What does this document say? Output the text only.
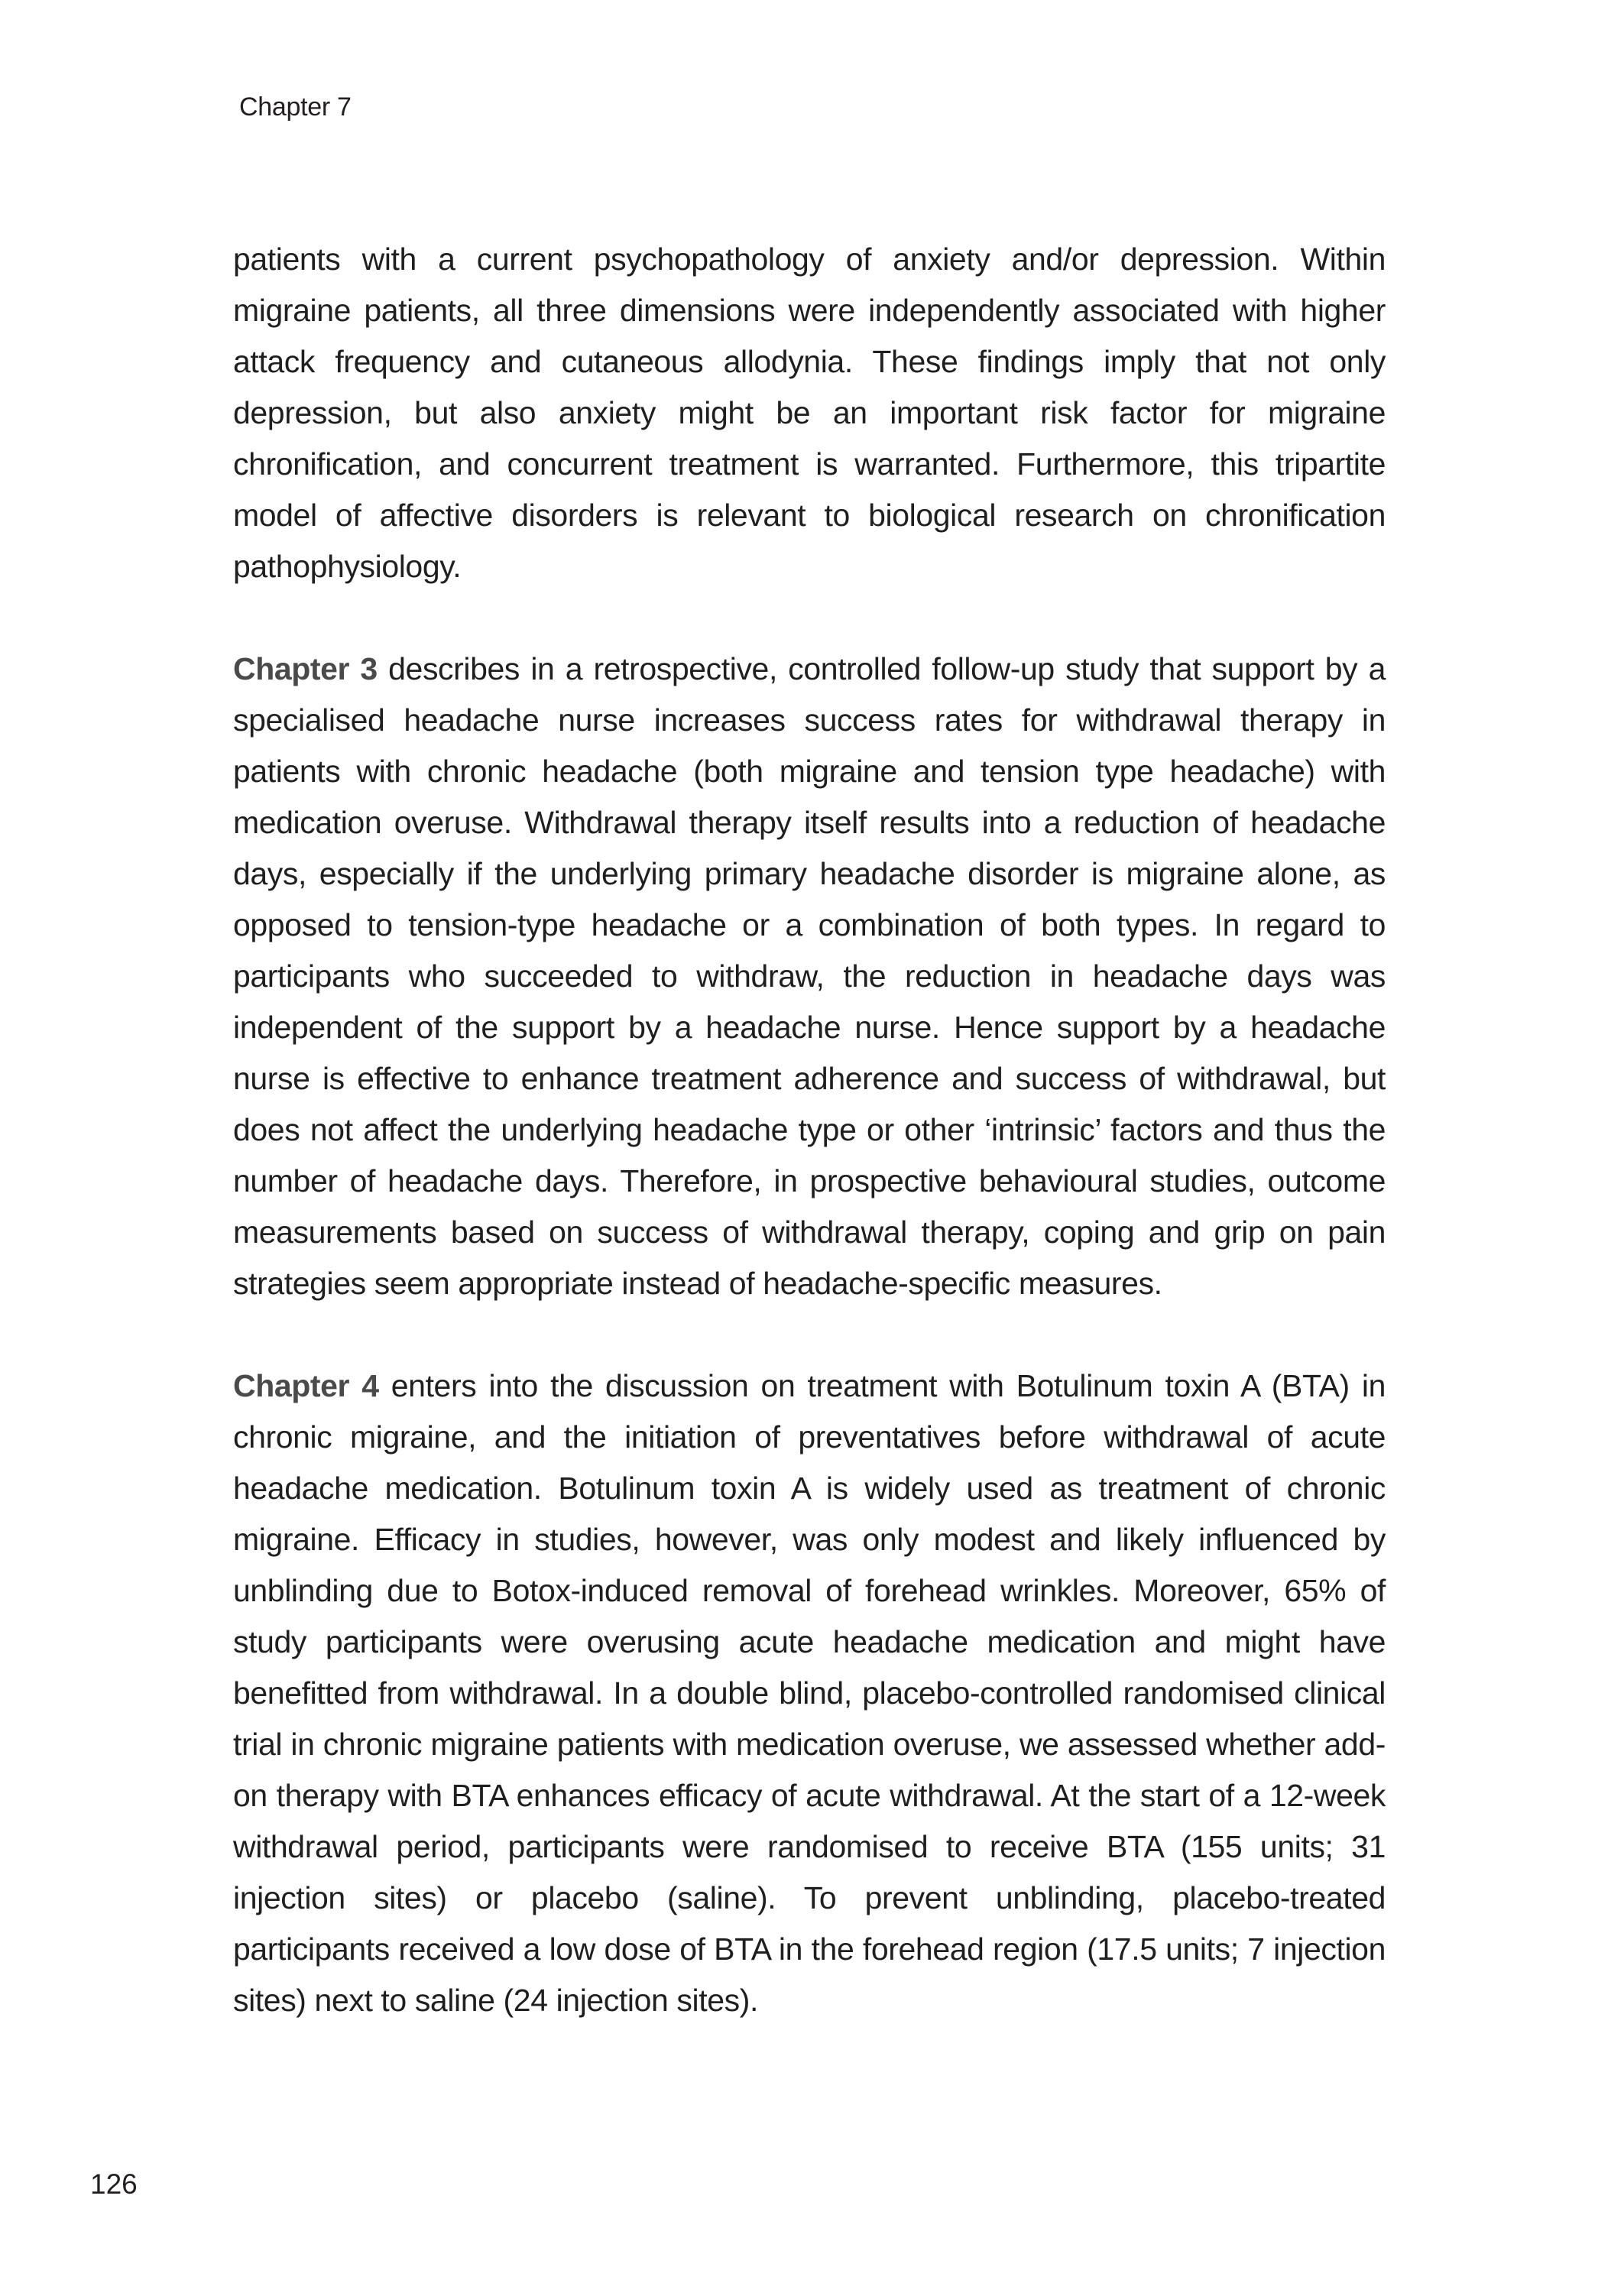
Chapter 7

patients with a current psychopathology of anxiety and/or depression. Within migraine patients, all three dimensions were independently associated with higher attack frequency and cutaneous allodynia. These findings imply that not only depression, but also anxiety might be an important risk factor for migraine chronification, and concurrent treatment is warranted. Furthermore, this tripartite model of affective disorders is relevant to biological research on chronification pathophysiology.

Chapter 3 describes in a retrospective, controlled follow-up study that support by a specialised headache nurse increases success rates for withdrawal therapy in patients with chronic headache (both migraine and tension type headache) with medication overuse. Withdrawal therapy itself results into a reduction of headache days, especially if the underlying primary headache disorder is migraine alone, as opposed to tension-type headache or a combination of both types. In regard to participants who succeeded to withdraw, the reduction in headache days was independent of the support by a headache nurse. Hence support by a headache nurse is effective to enhance treatment adherence and success of withdrawal, but does not affect the underlying headache type or other ‘intrinsic’ factors and thus the number of headache days. Therefore, in prospective behavioural studies, outcome measurements based on success of withdrawal therapy, coping and grip on pain strategies seem appropriate instead of headache-specific measures.

Chapter 4 enters into the discussion on treatment with Botulinum toxin A (BTA) in chronic migraine, and the initiation of preventatives before withdrawal of acute headache medication. Botulinum toxin A is widely used as treatment of chronic migraine. Efficacy in studies, however, was only modest and likely influenced by unblinding due to Botox-induced removal of forehead wrinkles. Moreover, 65% of study participants were overusing acute headache medication and might have benefitted from withdrawal. In a double blind, placebo-controlled randomised clinical trial in chronic migraine patients with medication overuse, we assessed whether add-on therapy with BTA enhances efficacy of acute withdrawal. At the start of a 12-week withdrawal period, participants were randomised to receive BTA (155 units; 31 injection sites) or placebo (saline). To prevent unblinding, placebo-treated participants received a low dose of BTA in the forehead region (17.5 units; 7 injection sites) next to saline (24 injection sites).

126
